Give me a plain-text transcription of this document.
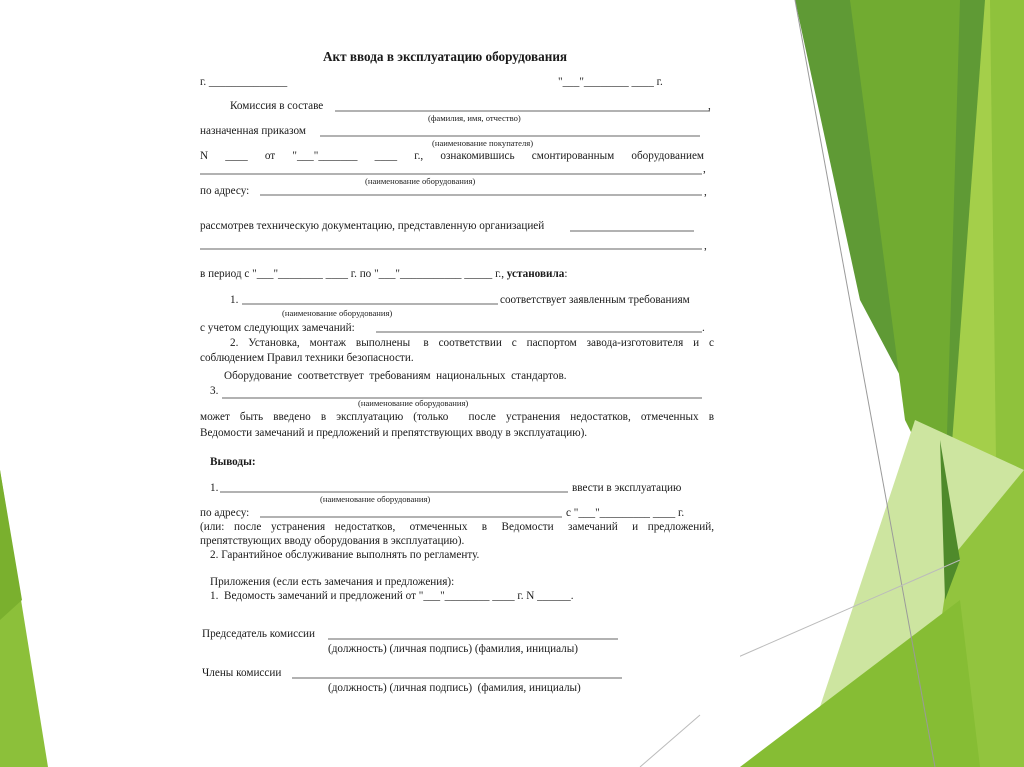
Акт ввода в эксплуатацию оборудования
г. ______________	"___"________ ____ г.
Комиссия в составе	,
(фамилия, имя, отчество)
назначенная приказом
(наименование покупателя)
N   ____   от   "___"_______   ____   г.,   ознакомившись   смонтированным   оборудованием
,
(наименование оборудования)
по адресу:	,
рассмотрев техническую документацию, представленную организацией
,
в период с "___"________ ____ г. по "___"___________ _____ г., установила:
1.	соответствует заявленным требованиям
(наименование оборудования)
с учетом следующих замечаний:	.
2.   Установка,   монтаж   выполнены    в   соответствии   с   паспортом   завода-изготовителя   и   с
соблюдением Правил техники безопасности.
Оборудование  соответствует  требованиям  национальных  стандартов.
3.
(наименование оборудования)
может  быть  введено  в  эксплуатацию  (только    после  устранения  недостатков,  отмеченных  в
Ведомости замечаний и предложений и препятствующих вводу в эксплуатацию).
Выводы:
1.	ввести в эксплуатацию
(наименование оборудования)
по адресу:	с "___"_________ ____ г.
(или:  после  устранения  недостатков,   отмеченных   в   Ведомости   замечаний   и  предложений,
препятствующих вводу оборудования в эксплуатацию).
2. Гарантийное обслуживание выполнять по регламенту.
Приложения (если есть замечания и предложения):
1.  Ведомость замечаний и предложений от "___"________ ____ г. N ______.
Председатель комиссии
(должность) (личная подпись) (фамилия, инициалы)
Члены комиссии
(должность) (личная подпись)  (фамилия, инициалы)
